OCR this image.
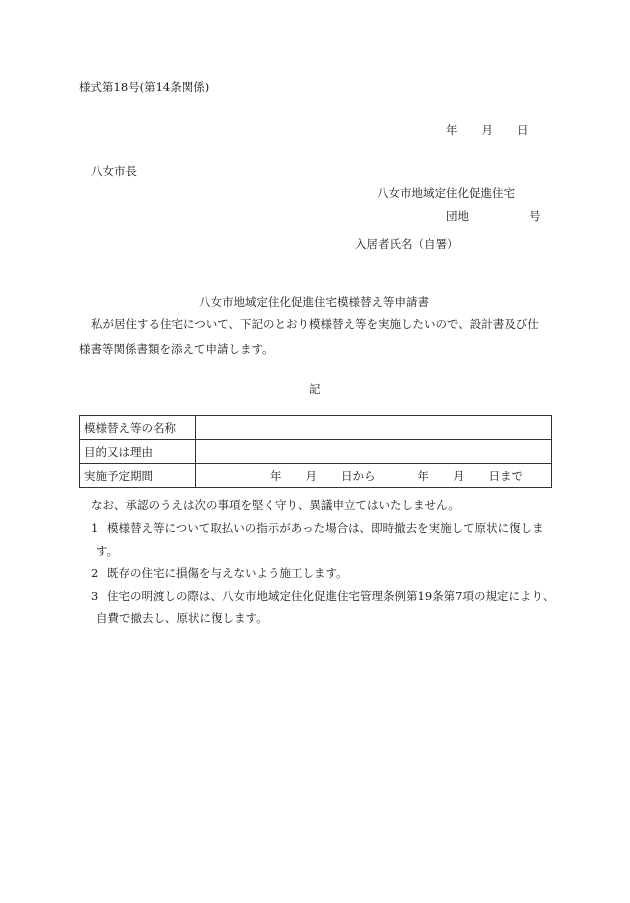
様式第18号(第14条関係)
年 月 日
八女市長
八女市地域定住化促進住宅
団地	号
入居者氏名（自署）
八女市地域定住化促進住宅模様替え等申請書
私が居住する住宅について、下記のとおり模様替え等を実施したいので、設計書及び仕
様書等関係書類を添えて申請します。
記
模様替え等の名称	
目的又は理由	
実施予定期間	年 月 日から 年 月 日まで
なお、承認のうえは次の事項を堅く守り、異議申立てはいたしません。
1 模様替え等について取払いの指示があった場合は、即時撤去を実施して原状に復しま
す。
2 既存の住宅に損傷を与えないよう施工します。
3 住宅の明渡しの際は、八女市地域定住化促進住宅管理条例第19条第7項の規定により、
自費で撤去し、原状に復します。
